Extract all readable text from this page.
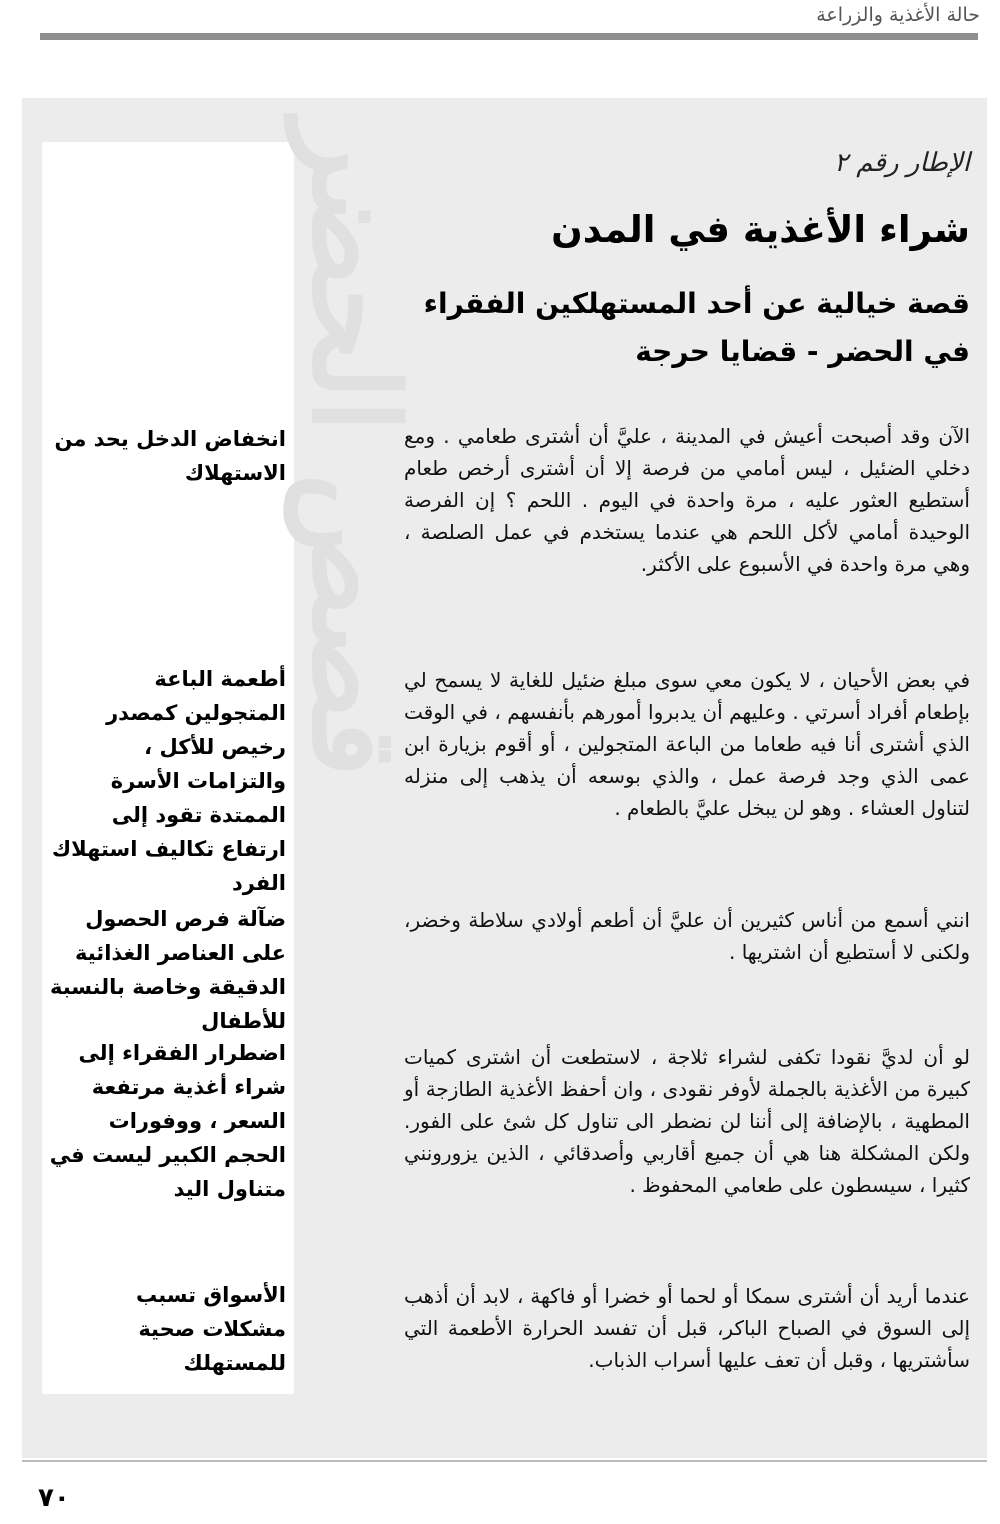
حالة الأغذية والزراعة
قصص الحضر	الإطار رقم ٢
شراء الأغذية في المدن
قصة خيالية عن أحد المستهلكين الفقراء
في الحضر - قضايا حرجة
الآن وقد أصبحت أعيش في المدينة ، عليَّ أن أشترى طعامي . ومع دخلي الضئيل ، ليس أمامي من فرصة إلا أن أشترى أرخص طعام أستطيع العثور عليه ، مرة واحدة في اليوم . اللحم ؟ إن الفرصة الوحيدة أمامي لأكل اللحم هي عندما يستخدم في عمل الصلصة ، وهي مرة واحدة في الأسبوع على الأكثر.
في بعض الأحيان ، لا يكون معي سوى مبلغ ضئيل للغاية لا يسمح لي بإطعام أفراد أسرتي . وعليهم أن يدبروا أمورهم بأنفسهم ، في الوقت الذي أشترى أنا فيه طعاما من الباعة المتجولين ، أو أقوم بزيارة ابن عمى الذي وجد فرصة عمل ، والذي بوسعه أن يذهب إلى منزله لتناول العشاء . وهو لن يبخل عليَّ بالطعام .
انني أسمع من أناس كثيرين أن عليَّ أن أطعم أولادي سلاطة وخضر، ولكنى لا أستطيع أن اشتريها .
لو أن لديَّ نقودا تكفى لشراء ثلاجة ، لاستطعت أن اشترى كميات كبيرة من الأغذية بالجملة لأوفر نقودى ، وان أحفظ الأغذية الطازجة أو المطهية ، بالإضافة إلى أننا لن نضطر الى تناول كل شئ على الفور. ولكن المشكلة هنا هي أن جميع أقاربي وأصدقائي ، الذين يزورونني كثيرا ، سيسطون على طعامي المحفوظ .
عندما أريد أن أشترى سمكا أو لحما أو خضرا أو فاكهة ، لابد أن أذهب إلى السوق في الصباح الباكر، قبل أن تفسد الحرارة الأطعمة التي سأشتريها ، وقبل أن تعف عليها أسراب الذباب.
انخفاض الدخل يحد من الاستهلاك
أطعمة الباعة المتجولين كمصدر رخيص للأكل ، والتزامات الأسرة الممتدة تقود إلى ارتفاع تكاليف استهلاك الفرد
ضآلة فرص الحصول على العناصر الغذائية الدقيقة وخاصة بالنسبة للأطفال
اضطرار الفقراء إلى شراء أغذية مرتفعة السعر ، ووفورات الحجم الكبير ليست في متناول اليد
الأسواق تسبب مشكلات صحية للمستهلك
٧٠
